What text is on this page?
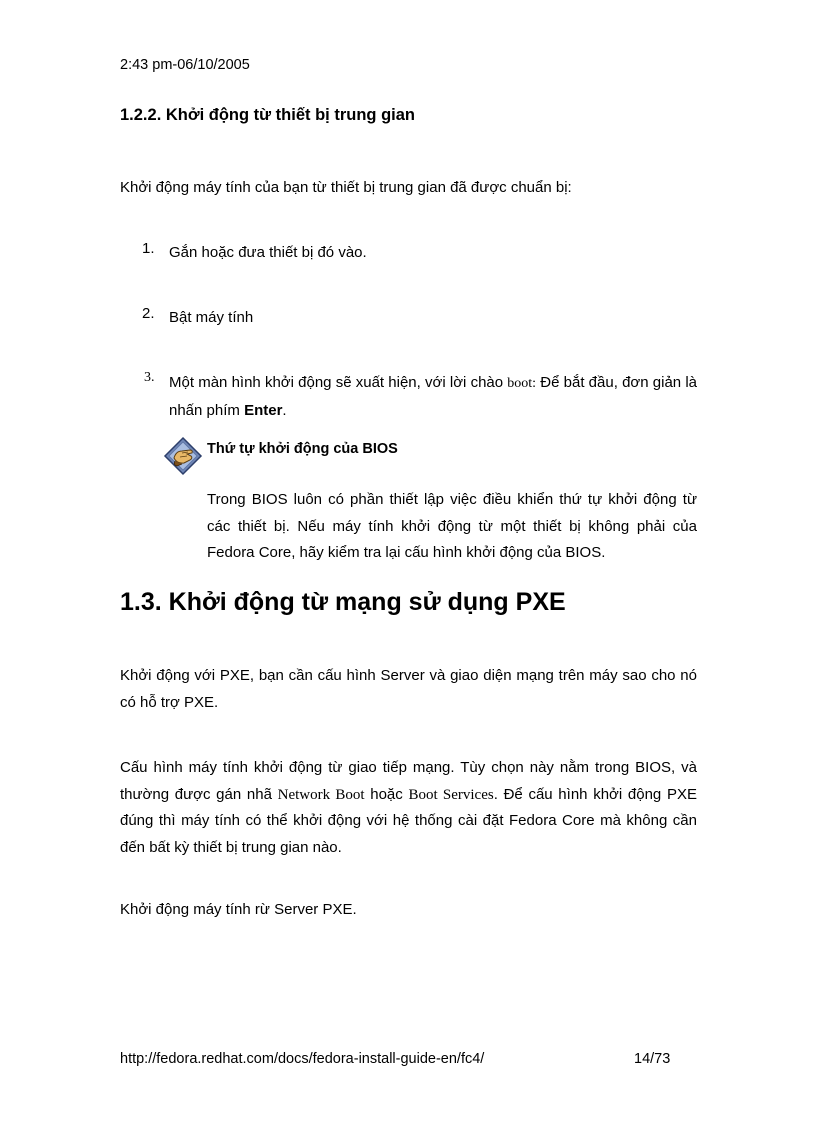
2:43 pm-06/10/2005
1.2.2. Khởi động từ thiết bị trung gian
Khởi động máy tính của bạn từ thiết bị trung gian đã được chuẩn bị:
1. Gắn hoặc đưa thiết bị đó vào.
2. Bật máy tính
3. Một màn hình khởi động sẽ xuất hiện, với lời chào boot: Để bắt đầu, đơn giản là nhấn phím Enter.
Thứ tự khởi động của BIOS
Trong BIOS luôn có phần thiết lập việc điều khiển thứ tự khởi động từ các thiết bị. Nếu máy tính khởi động từ một thiết bị không phải của Fedora Core, hãy kiểm tra lại cấu hình khởi động của BIOS.
1.3. Khởi động từ mạng sử dụng PXE
Khởi động với PXE, bạn cần cấu hình Server và giao diện mạng trên máy sao cho nó có hỗ trợ PXE.
Cấu hình máy tính khởi động từ giao tiếp mạng. Tùy chọn này nằm trong BIOS, và thường được gán nhã Network Boot hoặc Boot Services. Để cấu hình khởi động PXE đúng thì máy tính có thể khởi động với hệ thống cài đặt Fedora Core mà không cần đến bất kỳ thiết bị trung gian nào.
Khởi động máy tính rừ Server PXE.
http://fedora.redhat.com/docs/fedora-install-guide-en/fc4/	14/73
